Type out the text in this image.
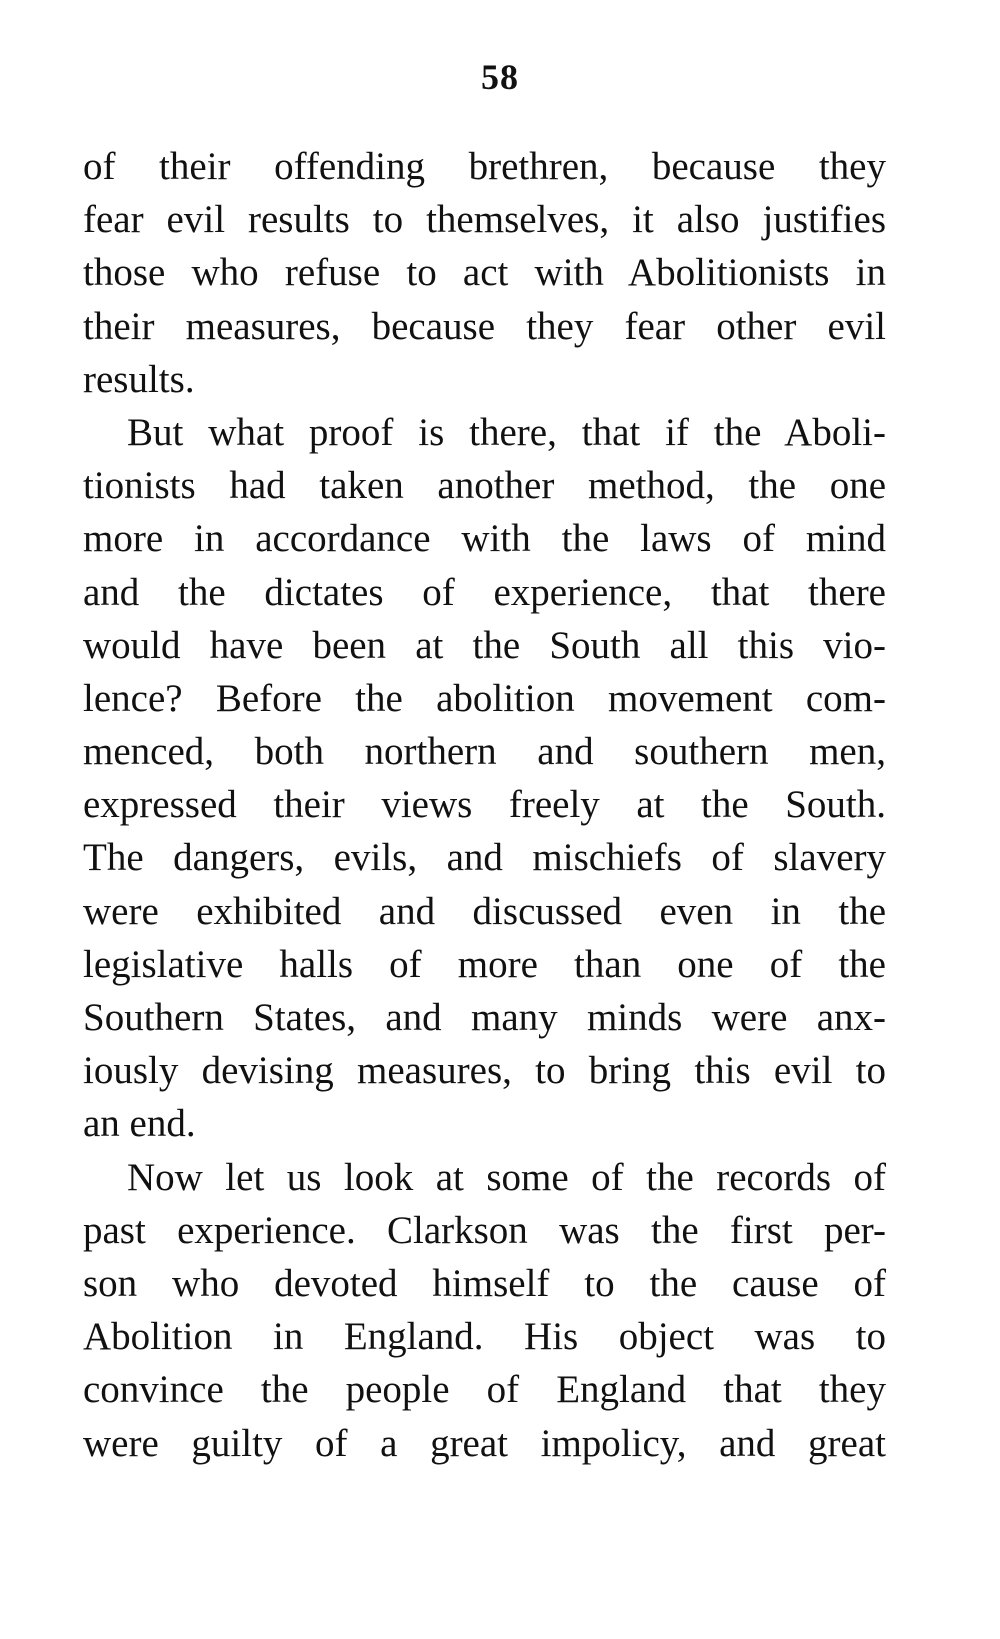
58
of their offending brethren, because they
fear evil results to themselves, it also justifies
those who refuse to act with Abolitionists in
their measures, because they fear other evil
results.
But what proof is there, that if the Aboli-
tionists had taken another method, the one
more in accordance with the laws of mind
and the dictates of experience, that there
would have been at the South all this vio-
lence? Before the abolition movement com-
menced, both northern and southern men,
expressed their views freely at the South.
The dangers, evils, and mischiefs of slavery
were exhibited and discussed even in the
legislative halls of more than one of the
Southern States, and many minds were anx-
iously devising measures, to bring this evil to
an end.
Now let us look at some of the records of
past experience. Clarkson was the first per-
son who devoted himself to the cause of
Abolition in England. His object was to
convince the people of England that they
were guilty of a great impolicy, and great
